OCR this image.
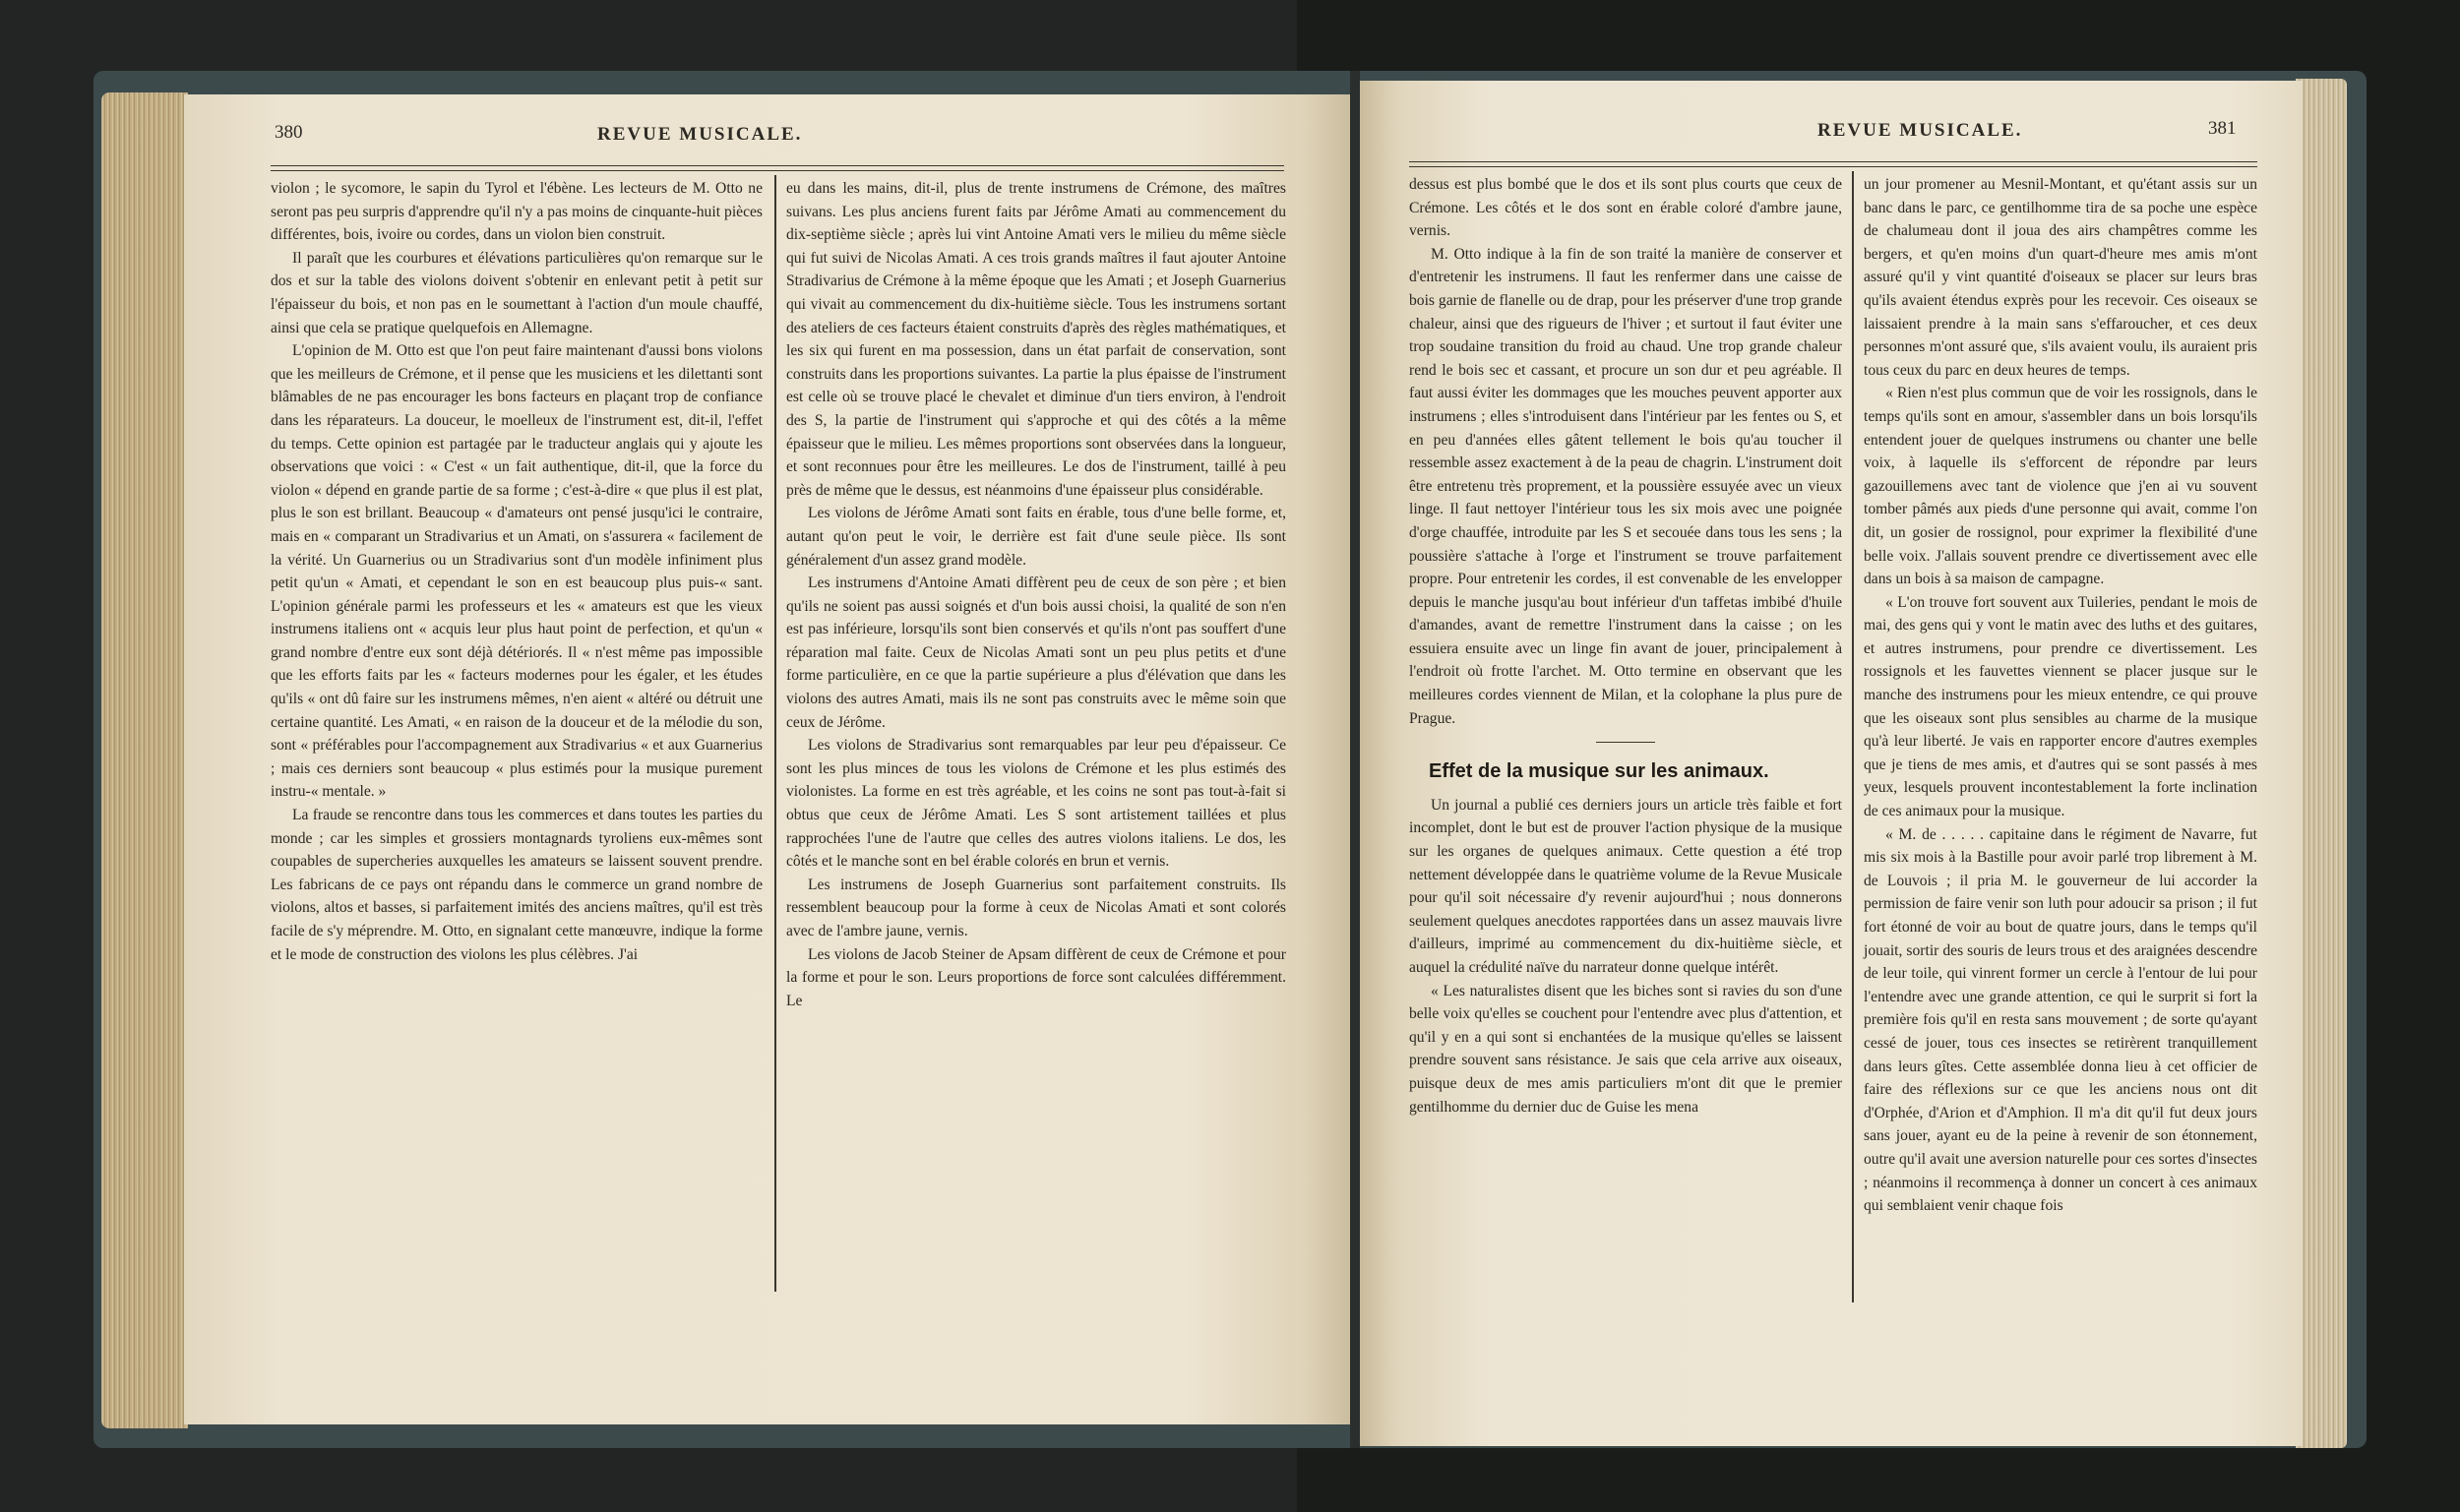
380	REVUE MUSICALE.

violon ; le sycomore, le sapin du Tyrol et l'ébène. Les lecteurs de M. Otto ne seront pas peu surpris d'apprendre qu'il n'y a pas moins de cinquante-huit pièces différentes, bois, ivoire ou cordes, dans un violon bien construit.

Il paraît que les courbures et élévations particulières qu'on remarque sur le dos et sur la table des violons doivent s'obtenir en enlevant petit à petit sur l'épaisseur du bois, et non pas en le soumettant à l'action d'un moule chauffé, ainsi que cela se pratique quelquefois en Allemagne.

L'opinion de M. Otto est que l'on peut faire maintenant d'aussi bons violons que les meilleurs de Crémone, et il pense que les musiciens et les dilettanti sont blâmables de ne pas encourager les bons facteurs en plaçant trop de confiance dans les réparateurs. La douceur, le moelleux de l'instrument est, dit-il, l'effet du temps. Cette opinion est partagée par le traducteur anglais qui y ajoute les observations que voici : « C'est « un fait authentique, dit-il, que la force du violon « dépend en grande partie de sa forme ; c'est-à-dire « que plus il est plat, plus le son est brillant. Beaucoup « d'amateurs ont pensé jusqu'ici le contraire, mais en « comparant un Stradivarius et un Amati, on s'assurera « facilement de la vérité. Un Guarnerius ou un Stradivarius sont d'un modèle infiniment plus petit qu'un « Amati, et cependant le son en est beaucoup plus puis-« sant. L'opinion générale parmi les professeurs et les « amateurs est que les vieux instrumens italiens ont « acquis leur plus haut point de perfection, et qu'un « grand nombre d'entre eux sont déjà détériorés. Il « n'est même pas impossible que les efforts faits par les « facteurs modernes pour les égaler, et les études qu'ils « ont dû faire sur les instrumens mêmes, n'en aient « altéré ou détruit une certaine quantité. Les Amati, « en raison de la douceur et de la mélodie du son, sont « préférables pour l'accompagnement aux Stradivarius « et aux Guarnerius ; mais ces derniers sont beaucoup « plus estimés pour la musique purement instru-« mentale. »

La fraude se rencontre dans tous les commerces et dans toutes les parties du monde ; car les simples et grossiers montagnards tyroliens eux-mêmes sont coupables de supercheries auxquelles les amateurs se laissent souvent prendre. Les fabricans de ce pays ont répandu dans le commerce un grand nombre de violons, altos et basses, si parfaitement imités des anciens maîtres, qu'il est très facile de s'y méprendre. M. Otto, en signalant cette manœuvre, indique la forme et le mode de construction des violons les plus célèbres. J'ai

eu dans les mains, dit-il, plus de trente instrumens de Crémone, des maîtres suivans. Les plus anciens furent faits par Jérôme Amati au commencement du dix-septième siècle ; après lui vint Antoine Amati vers le milieu du même siècle qui fut suivi de Nicolas Amati. A ces trois grands maîtres il faut ajouter Antoine Stradivarius de Crémone à la même époque que les Amati ; et Joseph Guarnerius qui vivait au commencement du dix-huitième siècle. Tous les instrumens sortant des ateliers de ces facteurs étaient construits d'après des règles mathématiques, et les six qui furent en ma possession, dans un état parfait de conservation, sont construits dans les proportions suivantes. La partie la plus épaisse de l'instrument est celle où se trouve placé le chevalet et diminue d'un tiers environ, à l'endroit des S, la partie de l'instrument qui s'approche et qui des côtés a la même épaisseur que le milieu. Les mêmes proportions sont observées dans la longueur, et sont reconnues pour être les meilleures. Le dos de l'instrument, taillé à peu près de même que le dessus, est néanmoins d'une épaisseur plus considérable.

Les violons de Jérôme Amati sont faits en érable, tous d'une belle forme, et, autant qu'on peut le voir, le derrière est fait d'une seule pièce. Ils sont généralement d'un assez grand modèle.

Les instrumens d'Antoine Amati diffèrent peu de ceux de son père ; et bien qu'ils ne soient pas aussi soignés et d'un bois aussi choisi, la qualité de son n'en est pas inférieure, lorsqu'ils sont bien conservés et qu'ils n'ont pas souffert d'une réparation mal faite. Ceux de Nicolas Amati sont un peu plus petits et d'une forme particulière, en ce que la partie supérieure a plus d'élévation que dans les violons des autres Amati, mais ils ne sont pas construits avec le même soin que ceux de Jérôme.

Les violons de Stradivarius sont remarquables par leur peu d'épaisseur. Ce sont les plus minces de tous les violons de Crémone et les plus estimés des violonistes. La forme en est très agréable, et les coins ne sont pas tout-à-fait si obtus que ceux de Jérôme Amati. Les S sont artistement taillées et plus rapprochées l'une de l'autre que celles des autres violons italiens. Le dos, les côtés et le manche sont en bel érable colorés en brun et vernis.

Les instrumens de Joseph Guarnerius sont parfaitement construits. Ils ressemblent beaucoup pour la forme à ceux de Nicolas Amati et sont colorés avec de l'ambre jaune, vernis.

Les violons de Jacob Steiner de Apsam diffèrent de ceux de Crémone et pour la forme et pour le son. Leurs proportions de force sont calculées différemment. Le

REVUE MUSICALE.	381

dessus est plus bombé que le dos et ils sont plus courts que ceux de Crémone. Les côtés et le dos sont en érable coloré d'ambre jaune, vernis.

M. Otto indique à la fin de son traité la manière de conserver et d'entretenir les instrumens. Il faut les renfermer dans une caisse de bois garnie de flanelle ou de drap, pour les préserver d'une trop grande chaleur, ainsi que des rigueurs de l'hiver ; et surtout il faut éviter une trop soudaine transition du froid au chaud. Une trop grande chaleur rend le bois sec et cassant, et procure un son dur et peu agréable. Il faut aussi éviter les dommages que les mouches peuvent apporter aux instrumens ; elles s'introduisent dans l'intérieur par les fentes ou S, et en peu d'années elles gâtent tellement le bois qu'au toucher il ressemble assez exactement à de la peau de chagrin. L'instrument doit être entretenu très proprement, et la poussière essuyée avec un vieux linge. Il faut nettoyer l'intérieur tous les six mois avec une poignée d'orge chauffée, introduite par les S et secouée dans tous les sens ; la poussière s'attache à l'orge et l'instrument se trouve parfaitement propre. Pour entretenir les cordes, il est convenable de les envelopper depuis le manche jusqu'au bout inférieur d'un taffetas imbibé d'huile d'amandes, avant de remettre l'instrument dans la caisse ; on les essuiera ensuite avec un linge fin avant de jouer, principalement à l'endroit où frotte l'archet. M. Otto termine en observant que les meilleures cordes viennent de Milan, et la colophane la plus pure de Prague.

Effet de la musique sur les animaux.

Un journal a publié ces derniers jours un article très faible et fort incomplet, dont le but est de prouver l'action physique de la musique sur les organes de quelques animaux. Cette question a été trop nettement développée dans le quatrième volume de la Revue Musicale pour qu'il soit nécessaire d'y revenir aujourd'hui ; nous donnerons seulement quelques anecdotes rapportées dans un assez mauvais livre d'ailleurs, imprimé au commencement du dix-huitième siècle, et auquel la crédulité naïve du narrateur donne quelque intérêt.

« Les naturalistes disent que les biches sont si ravies du son d'une belle voix qu'elles se couchent pour l'entendre avec plus d'attention, et qu'il y en a qui sont si enchantées de la musique qu'elles se laissent prendre souvent sans résistance. Je sais que cela arrive aux oiseaux, puisque deux de mes amis particuliers m'ont dit que le premier gentilhomme du dernier duc de Guise les mena

un jour promener au Mesnil-Montant, et qu'étant assis sur un banc dans le parc, ce gentilhomme tira de sa poche une espèce de chalumeau dont il joua des airs champêtres comme les bergers, et qu'en moins d'un quart-d'heure mes amis m'ont assuré qu'il y vint quantité d'oiseaux se placer sur leurs bras qu'ils avaient étendus exprès pour les recevoir. Ces oiseaux se laissaient prendre à la main sans s'effaroucher, et ces deux personnes m'ont assuré que, s'ils avaient voulu, ils auraient pris tous ceux du parc en deux heures de temps.

« Rien n'est plus commun que de voir les rossignols, dans le temps qu'ils sont en amour, s'assembler dans un bois lorsqu'ils entendent jouer de quelques instrumens ou chanter une belle voix, à laquelle ils s'efforcent de répondre par leurs gazouillemens avec tant de violence que j'en ai vu souvent tomber pâmés aux pieds d'une personne qui avait, comme l'on dit, un gosier de rossignol, pour exprimer la flexibilité d'une belle voix. J'allais souvent prendre ce divertissement avec elle dans un bois à sa maison de campagne.

« L'on trouve fort souvent aux Tuileries, pendant le mois de mai, des gens qui y vont le matin avec des luths et des guitares, et autres instrumens, pour prendre ce divertissement. Les rossignols et les fauvettes viennent se placer jusque sur le manche des instrumens pour les mieux entendre, ce qui prouve que les oiseaux sont plus sensibles au charme de la musique qu'à leur liberté. Je vais en rapporter encore d'autres exemples que je tiens de mes amis, et d'autres qui se sont passés à mes yeux, lesquels prouvent incontestablement la forte inclination de ces animaux pour la musique.

« M. de . . . . . capitaine dans le régiment de Navarre, fut mis six mois à la Bastille pour avoir parlé trop librement à M. de Louvois ; il pria M. le gouverneur de lui accorder la permission de faire venir son luth pour adoucir sa prison ; il fut fort étonné de voir au bout de quatre jours, dans le temps qu'il jouait, sortir des souris de leurs trous et des araignées descendre de leur toile, qui vinrent former un cercle à l'entour de lui pour l'entendre avec une grande attention, ce qui le surprit si fort la première fois qu'il en resta sans mouvement ; de sorte qu'ayant cessé de jouer, tous ces insectes se retirèrent tranquillement dans leurs gîtes. Cette assemblée donna lieu à cet officier de faire des réflexions sur ce que les anciens nous ont dit d'Orphée, d'Arion et d'Amphion. Il m'a dit qu'il fut deux jours sans jouer, ayant eu de la peine à revenir de son étonnement, outre qu'il avait une aversion naturelle pour ces sortes d'insectes ; néanmoins il recommença à donner un concert à ces animaux qui semblaient venir chaque fois
